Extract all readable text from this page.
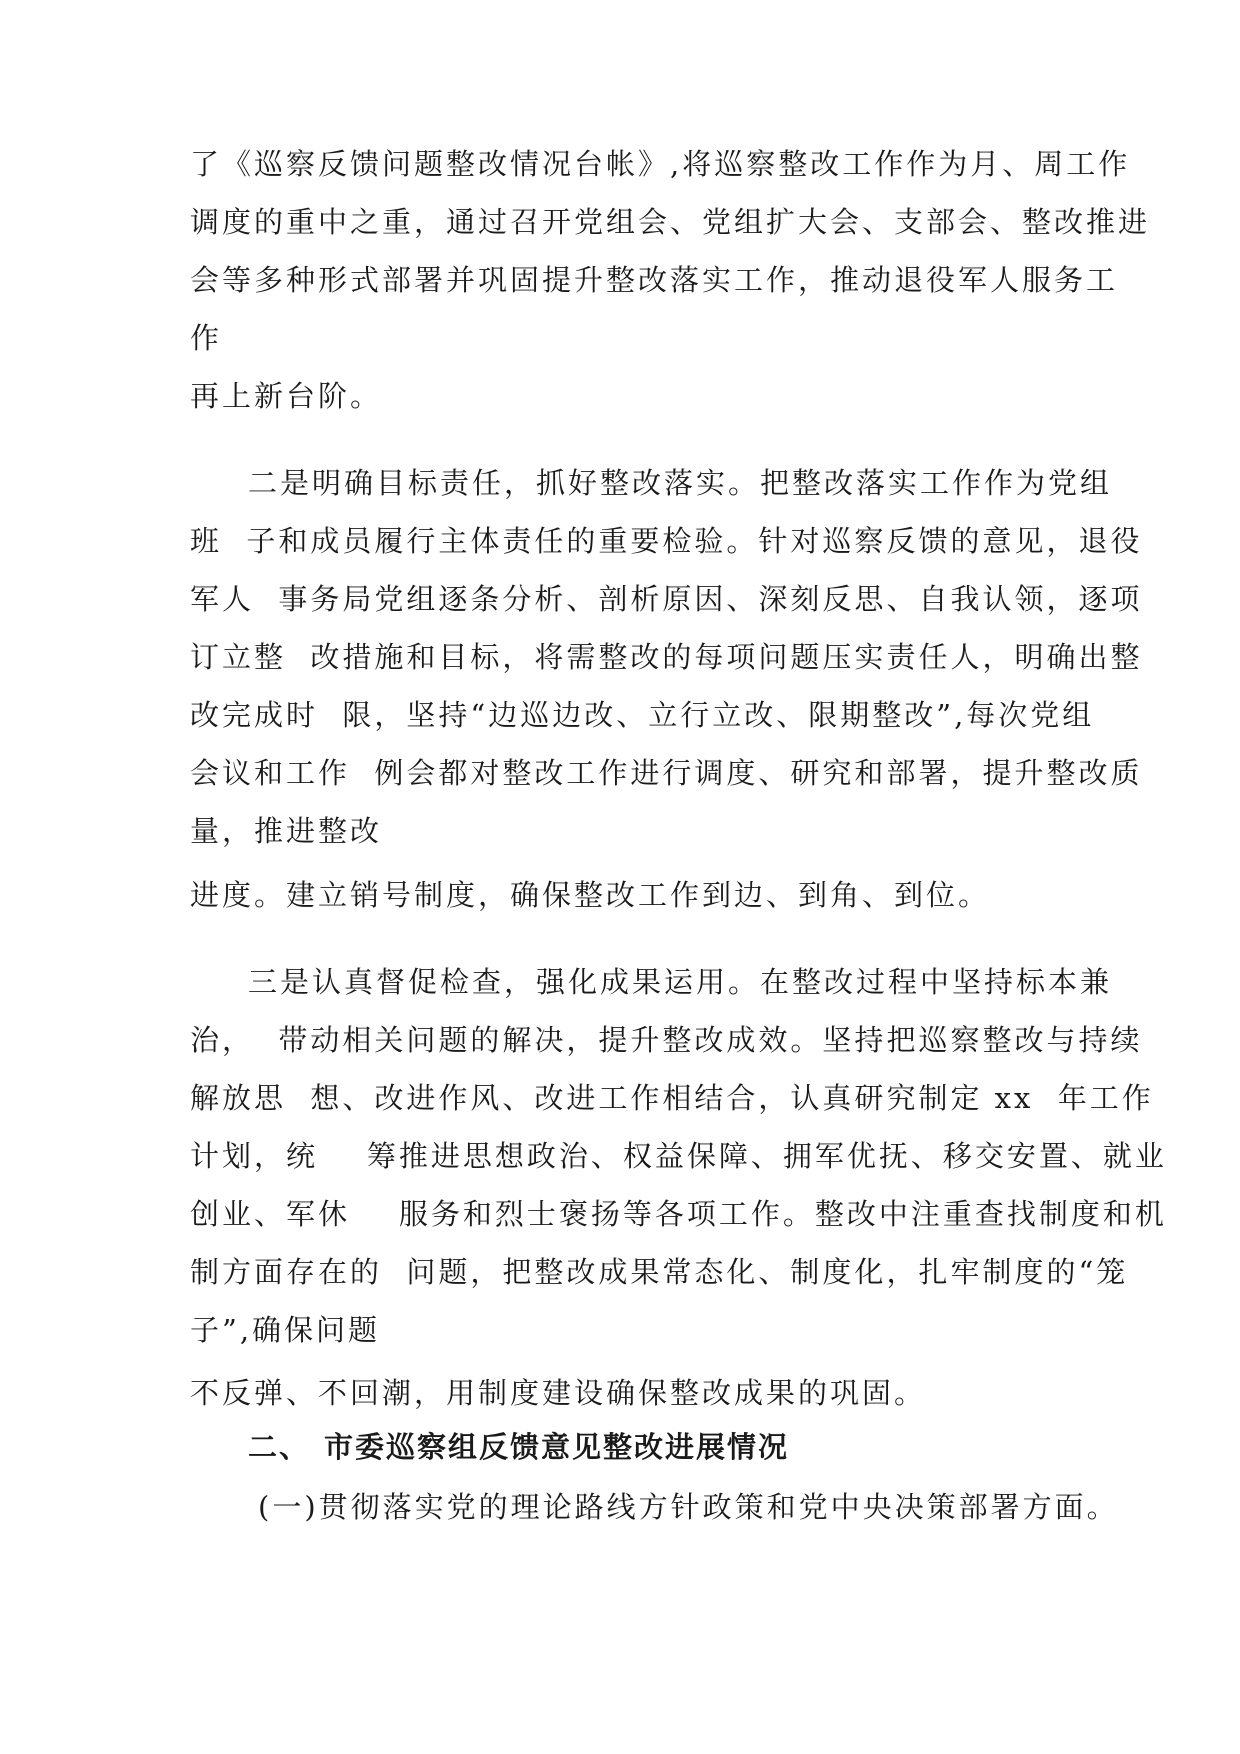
了《巡察反馈问题整改情况台帐》,将巡察整改工作作为月、周工作
调度的重中之重，通过召开党组会、党组扩大会、支部会、整改推进
会等多种形式部署并巩固提升整改落实工作，推动退役军人服务工
作
再上新台阶。
二是明确目标责任，抓好整改落实。把整改落实工作作为党组
班  子和成员履行主体责任的重要检验。针对巡察反馈的意见，退役
军人  事务局党组逐条分析、剖析原因、深刻反思、自我认领，逐项
订立整  改措施和目标，将需整改的每项问题压实责任人，明确出整
改完成时  限，坚持“边巡边改、立行立改、限期整改”,每次党组
会议和工作  例会都对整改工作进行调度、研究和部署，提升整改质
量，推进整改
进度。建立销号制度，确保整改工作到边、到角、到位。
三是认真督促检查，强化成果运用。在整改过程中坚持标本兼
治，  带动相关问题的解决，提升整改成效。坚持把巡察整改与持续
解放思  想、改进作风、改进工作相结合，认真研究制定 xx  年工作
计划，统    筹推进思想政治、权益保障、拥军优抚、移交安置、就业
创业、军休    服务和烈士褒扬等各项工作。整改中注重查找制度和机
制方面存在的  问题，把整改成果常态化、制度化，扎牢制度的“笼
子”,确保问题
不反弹、不回潮，用制度建设确保整改成果的巩固。
二、 市委巡察组反馈意见整改进展情况
(一)贯彻落实党的理论路线方针政策和党中央决策部署方面。
